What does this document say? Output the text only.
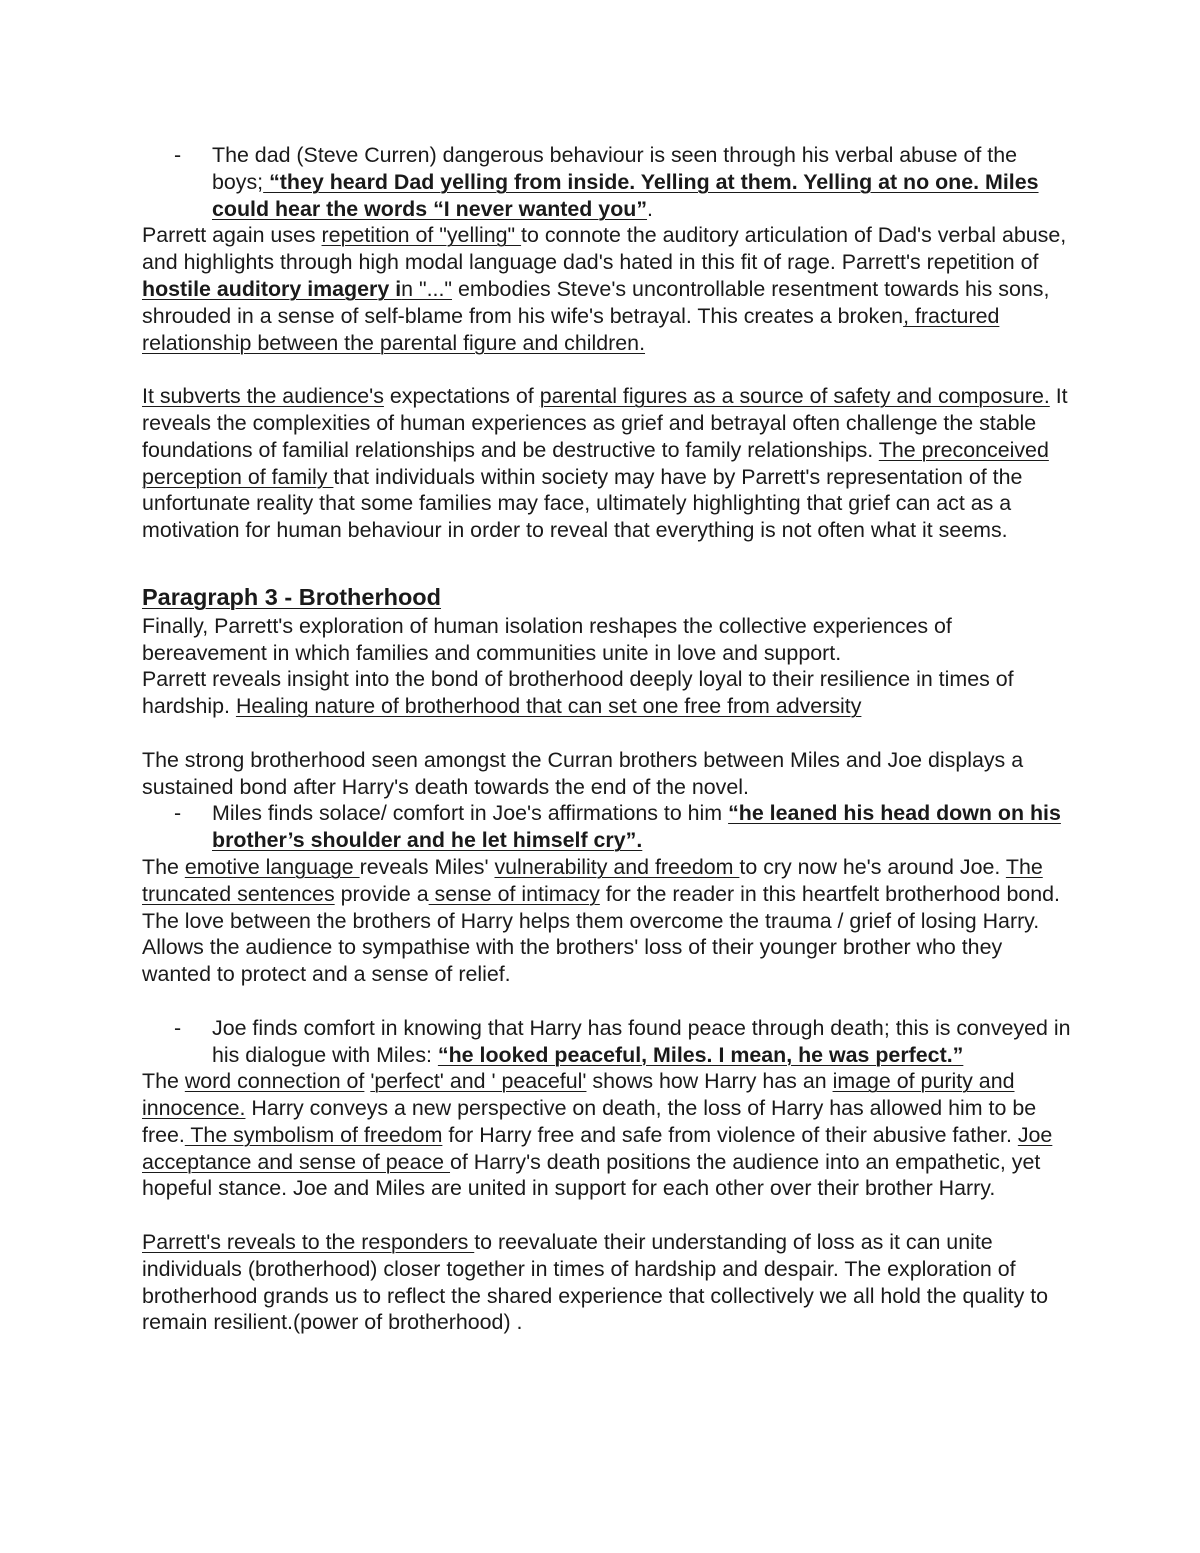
- The dad (Steve Curren) dangerous behaviour is seen through his verbal abuse of the boys; “they heard Dad yelling from inside. Yelling at them. Yelling at no one. Miles could hear the words “I never wanted you”.

Parrett again uses repetition of "yelling" to connote the auditory articulation of Dad's verbal abuse, and highlights through high modal language dad's hated in this fit of rage. Parrett's repetition of hostile auditory imagery in "..." embodies Steve's uncontrollable resentment towards his sons, shrouded in a sense of self-blame from his wife's betrayal. This creates a broken, fractured relationship between the parental figure and children.

It subverts the audience's expectations of parental figures as a source of safety and composure. It reveals the complexities of human experiences as grief and betrayal often challenge the stable foundations of familial relationships and be destructive to family relationships. The preconceived perception of family that individuals within society may have by Parrett's representation of the unfortunate reality that some families may face, ultimately highlighting that grief can act as a motivation for human behaviour in order to reveal that everything is not often what it seems.

Paragraph 3 - Brotherhood

Finally, Parrett's exploration of human isolation reshapes the collective experiences of bereavement in which families and communities unite in love and support.

Parrett reveals insight into the bond of brotherhood deeply loyal to their resilience in times of hardship. Healing nature of brotherhood that can set one free from adversity

The strong brotherhood seen amongst the Curran brothers between Miles and Joe displays a sustained bond after Harry's death towards the end of the novel.

- Miles finds solace/ comfort in Joe's affirmations to him “he leaned his head down on his brother’s shoulder and he let himself cry”.

The emotive language reveals Miles' vulnerability and freedom to cry now he's around Joe. The truncated sentences provide a sense of intimacy for the reader in this heartfelt brotherhood bond. The love between the brothers of Harry helps them overcome the trauma / grief of losing Harry. Allows the audience to sympathise with the brothers' loss of their younger brother who they wanted to protect and a sense of relief.

- Joe finds comfort in knowing that Harry has found peace through death; this is conveyed in his dialogue with Miles: “he looked peaceful, Miles. I mean, he was perfect.”

The word connection of 'perfect' and ' peaceful' shows how Harry has an image of purity and innocence. Harry conveys a new perspective on death, the loss of Harry has allowed him to be free. The symbolism of freedom for Harry free and safe from violence of their abusive father. Joe acceptance and sense of peace of Harry's death positions the audience into an empathetic, yet hopeful stance. Joe and Miles are united in support for each other over their brother Harry.

Parrett's reveals to the responders to reevaluate their understanding of loss as it can unite individuals (brotherhood) closer together in times of hardship and despair. The exploration of brotherhood grands us to reflect the shared experience that collectively we all hold the quality to remain resilient.(power of brotherhood) .
